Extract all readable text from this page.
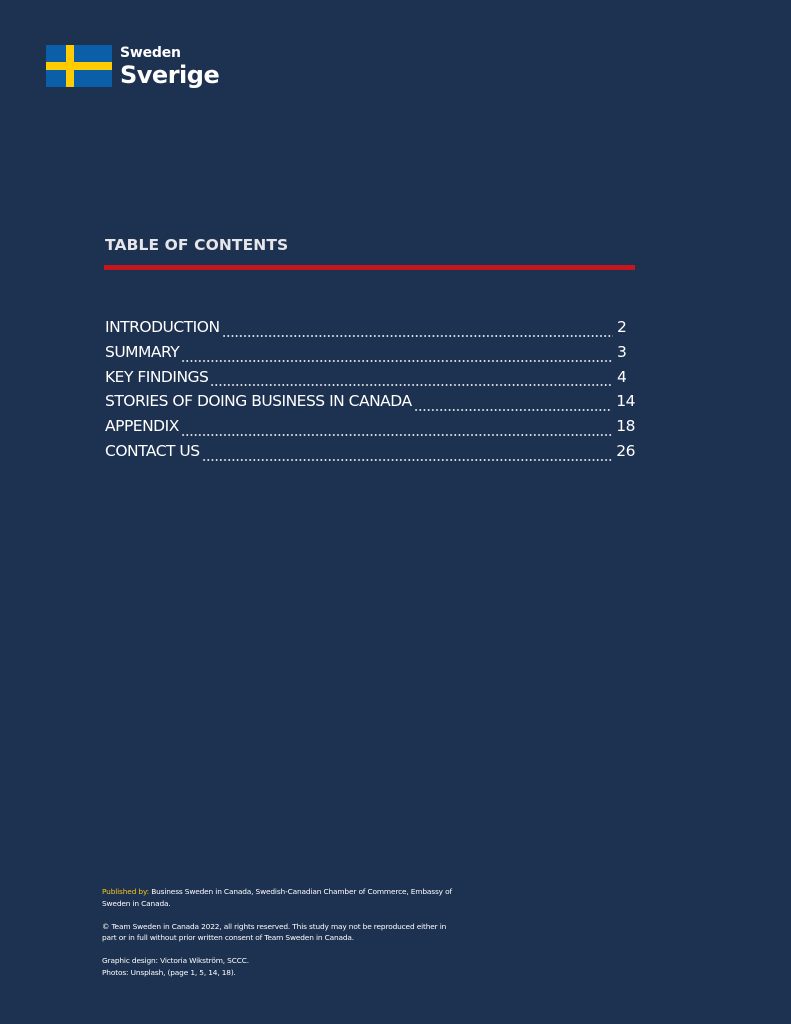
Sweden
Sverige
TABLE OF CONTENTS
INTRODUCTION	2
SUMMARY	3
KEY FINDINGS	4
STORIES OF DOING BUSINESS IN CANADA	14
APPENDIX	18
CONTACT US	26

Published by: Business Sweden in Canada, Swedish-Canadian Chamber of Commerce, Embassy of Sweden in Canada.

© Team Sweden in Canada 2022, all rights reserved. This study may not be reproduced either in part or in full without prior written consent of Team Sweden in Canada.

Graphic design: Victoria Wikström, SCCC.

Photos: Unsplash, (page 1, 5, 14, 18).
